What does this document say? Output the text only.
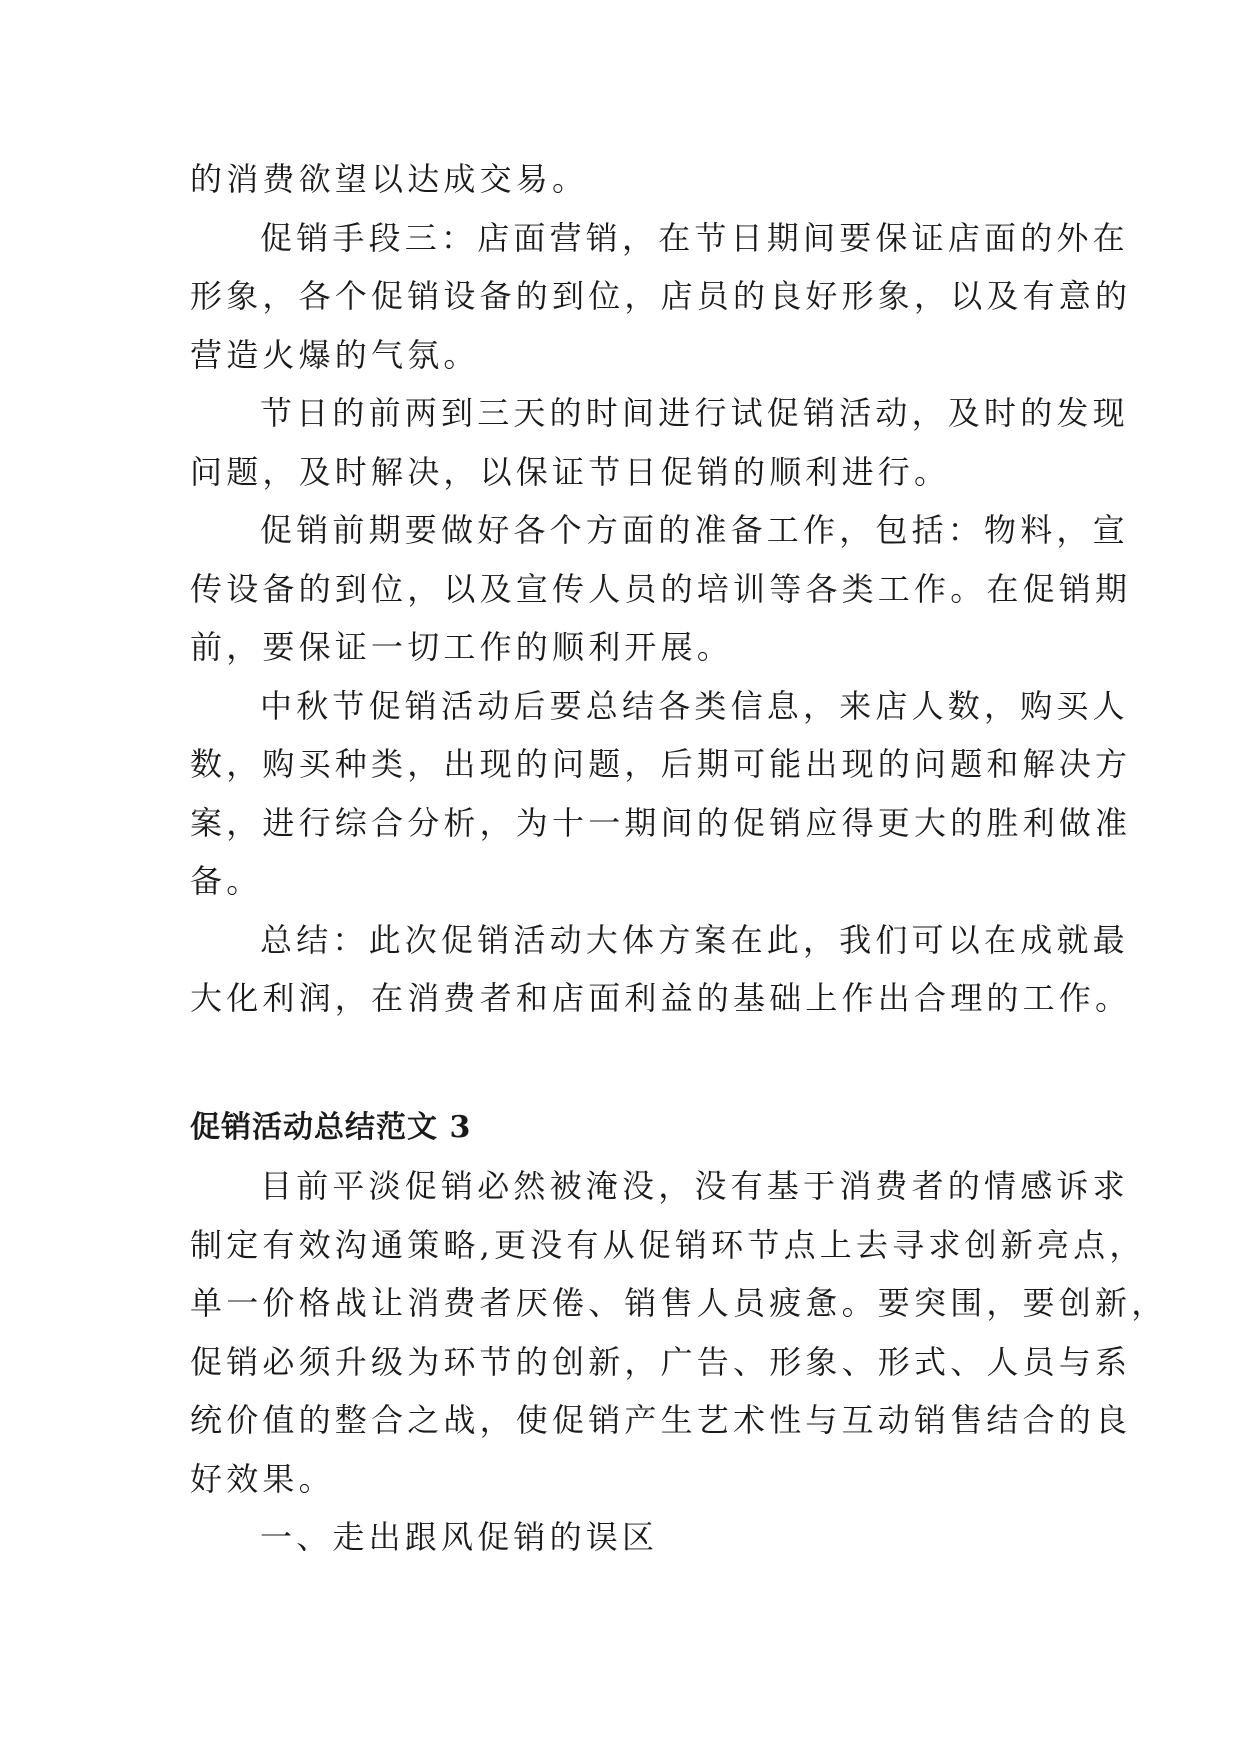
的消费欲望以达成交易。

促销手段三：店面营销，在节日期间要保证店面的外在
形象，各个促销设备的到位，店员的良好形象，以及有意的
营造火爆的气氛。

节日的前两到三天的时间进行试促销活动，及时的发现
问题，及时解决，以保证节日促销的顺利进行。

促销前期要做好各个方面的准备工作，包括：物料，宣
传设备的到位，以及宣传人员的培训等各类工作。在促销期
前，要保证一切工作的顺利开展。

中秋节促销活动后要总结各类信息，来店人数，购买人
数，购买种类，出现的问题，后期可能出现的问题和解决方
案，进行综合分析，为十一期间的促销应得更大的胜利做准
备。

总结：此次促销活动大体方案在此，我们可以在成就最
大化利润，在消费者和店面利益的基础上作出合理的工作。

促销活动总结范文 3

目前平淡促销必然被淹没，没有基于消费者的情感诉求
制定有效沟通策略,更没有从促销环节点上去寻求创新亮点，
单一价格战让消费者厌倦、销售人员疲惫。要突围，要创新，
促销必须升级为环节的创新，广告、形象、形式、人员与系
统价值的整合之战，使促销产生艺术性与互动销售结合的良
好效果。

一、走出跟风促销的误区
